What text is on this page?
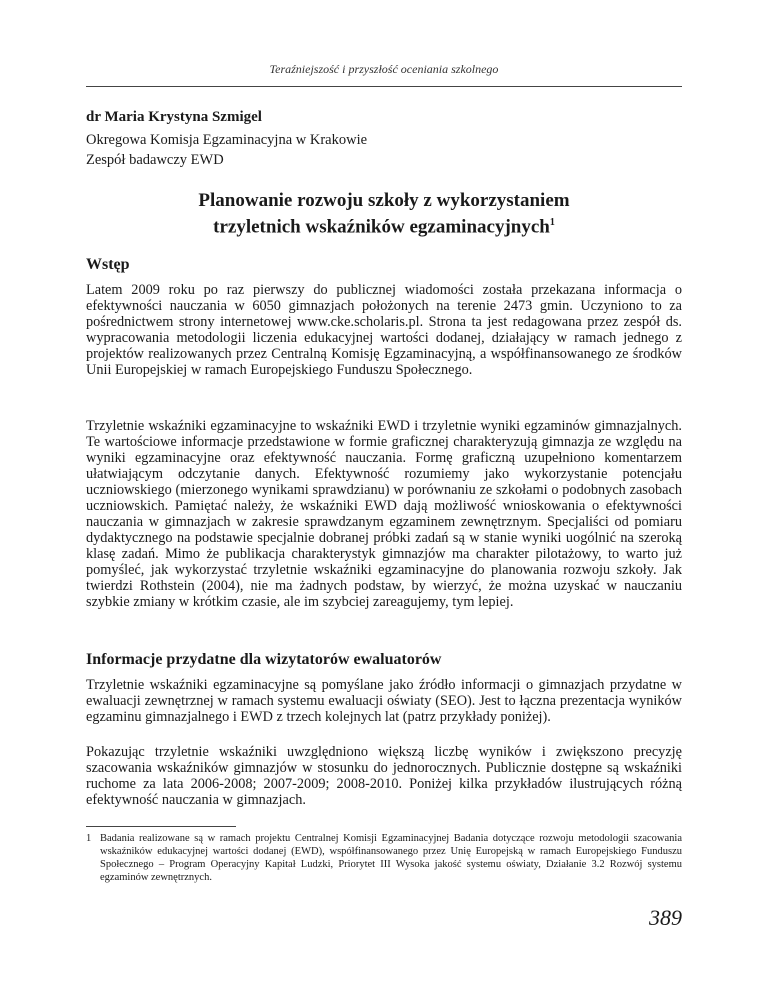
Teraźniejszość i przyszłość oceniania szkolnego
dr Maria Krystyna Szmigel
Okregowa Komisja Egzaminacyjna w Krakowie
Zespół badawczy EWD
Planowanie rozwoju szkoły z wykorzystaniem
trzyletnich wskaźników egzaminacyjnych$^1$
Wstęp
Latem 2009 roku po raz pierwszy do publicznej wiadomości została przekazana informacja o efektywności nauczania w 6050 gimnazjach położonych na terenie 2473 gmin. Uczyniono to za pośrednictwem strony internetowej www.cke.scholaris.pl. Strona ta jest redagowana przez zespół ds. wypracowania metodologii liczenia edukacyjnej wartości dodanej, działający w ramach jednego z projektów realizowanych przez Centralną Komisję Egzaminacyjną, a współfinansowanego ze środków Unii Europejskiej w ramach Europejskiego Funduszu Społecznego.
Trzyletnie wskaźniki egzaminacyjne to wskaźniki EWD i trzyletnie wyniki egzaminów gimnazjalnych. Te wartościowe informacje przedstawione w formie graficznej charakteryzują gimnazja ze względu na wyniki egzaminacyjne oraz efektywność nauczania. Formę graficzną uzupełniono komentarzem ułatwiającym odczytanie danych. Efektywność rozumiemy jako wykorzystanie potencjału uczniowskiego (mierzonego wynikami sprawdzianu) w porównaniu ze szkołami o podobnych zasobach uczniowskich. Pamiętać należy, że wskaźniki EWD dają możliwość wnioskowania o efektywności nauczania w gimnazjach w zakresie sprawdzanym egzaminem zewnętrznym. Specjaliści od pomiaru dydaktycznego na podstawie specjalnie dobranej próbki zadań są w stanie wyniki uogólnić na szeroką klasę zadań. Mimo że publikacja charakterystyk gimnazjów ma charakter pilotażowy, to warto już pomyśleć, jak wykorzystać trzyletnie wskaźniki egzaminacyjne do planowania rozwoju szkoły. Jak twierdzi Rothstein (2004), nie ma żadnych podstaw, by wierzyć, że można uzyskać w nauczaniu szybkie zmiany w krótkim czasie, ale im szybciej zareagujemy, tym lepiej.
Informacje przydatne dla wizytatorów ewaluatorów
Trzyletnie wskaźniki egzaminacyjne są pomyślane jako źródło informacji o gimnazjach przydatne w ewaluacji zewnętrznej w ramach systemu ewaluacji oświaty (SEO). Jest to łączna prezentacja wyników egzaminu gimnazjalnego i EWD z trzech kolejnych lat (patrz przykłady poniżej).
Pokazując trzyletnie wskaźniki uwzględniono większą liczbę wyników i zwiększono precyzję szacowania wskaźników gimnazjów w stosunku do jednorocznych. Publicznie dostępne są wskaźniki ruchome za lata 2006-2008; 2007-2009; 2008-2010. Poniżej kilka przykładów ilustrujących różną efektywność nauczania w gimnazjach.
1 Badania realizowane są w ramach projektu Centralnej Komisji Egzaminacyjnej Badania dotyczące rozwoju metodologii szacowania wskaźników edukacyjnej wartości dodanej (EWD), współfinansowanego przez Unię Europejską w ramach Europejskiego Funduszu Społecznego – Program Operacyjny Kapitał Ludzki, Priorytet III Wysoka jakość systemu oświaty, Działanie 3.2 Rozwój systemu egzaminów zewnętrznych.
389
